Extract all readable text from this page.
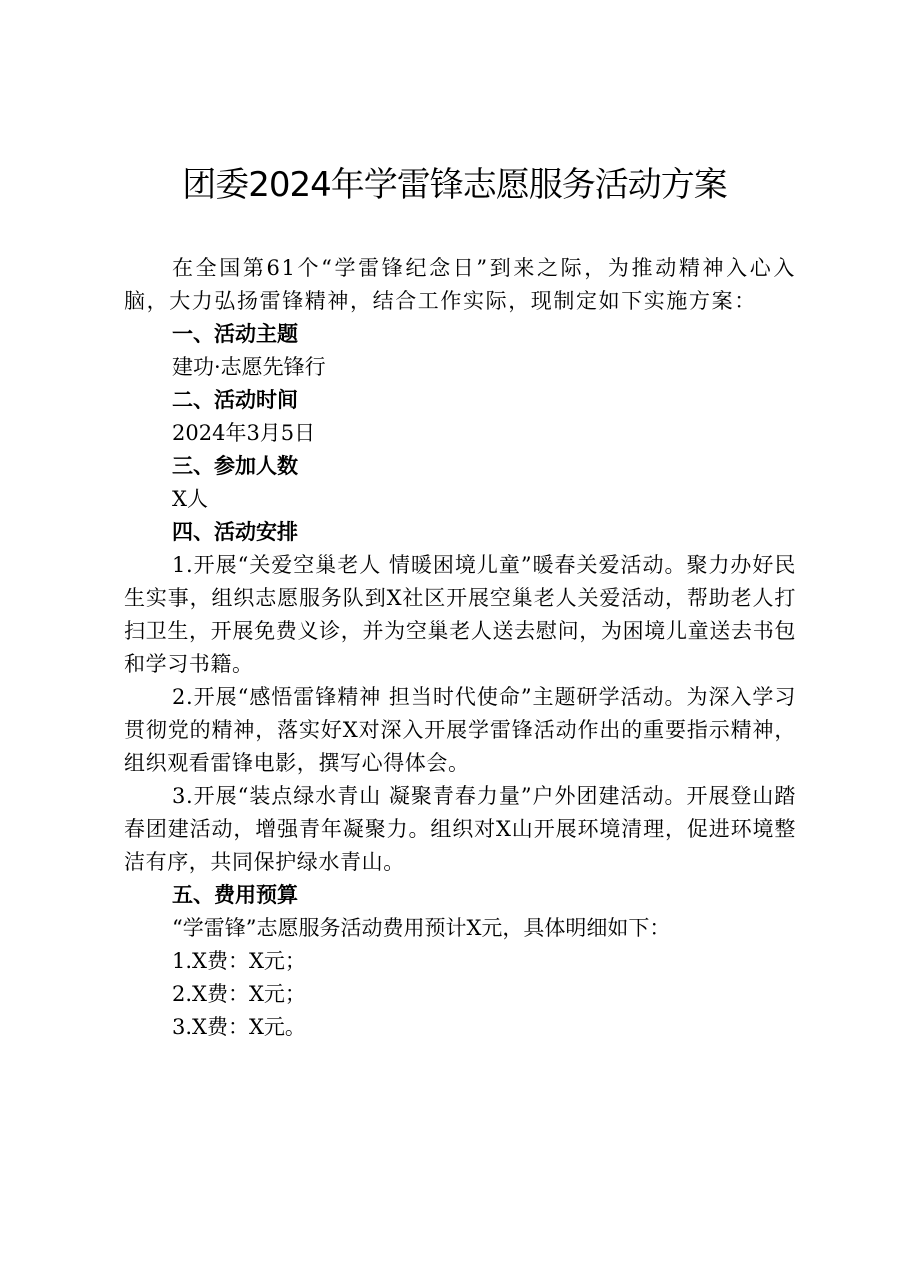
团委2024年学雷锋志愿服务活动方案

在全国第61个“学雷锋纪念日”到来之际，为推动精神入心入脑，大力弘扬雷锋精神，结合工作实际，现制定如下实施方案：

一、活动主题

建功·志愿先锋行

二、活动时间

2024年3月5日

三、参加人数

X人

四、活动安排

1.开展“关爱空巢老人 情暖困境儿童”暖春关爱活动。聚力办好民生实事，组织志愿服务队到X社区开展空巢老人关爱活动，帮助老人打扫卫生，开展免费义诊，并为空巢老人送去慰问，为困境儿童送去书包和学习书籍。

2.开展“感悟雷锋精神 担当时代使命”主题研学活动。为深入学习贯彻党的精神，落实好X对深入开展学雷锋活动作出的重要指示精神，组织观看雷锋电影，撰写心得体会。

3.开展“装点绿水青山 凝聚青春力量”户外团建活动。开展登山踏春团建活动，增强青年凝聚力。组织对X山开展环境清理，促进环境整洁有序，共同保护绿水青山。

五、费用预算

“学雷锋”志愿服务活动费用预计X元，具体明细如下：

1.X费：X元；

2.X费：X元；

3.X费：X元。
